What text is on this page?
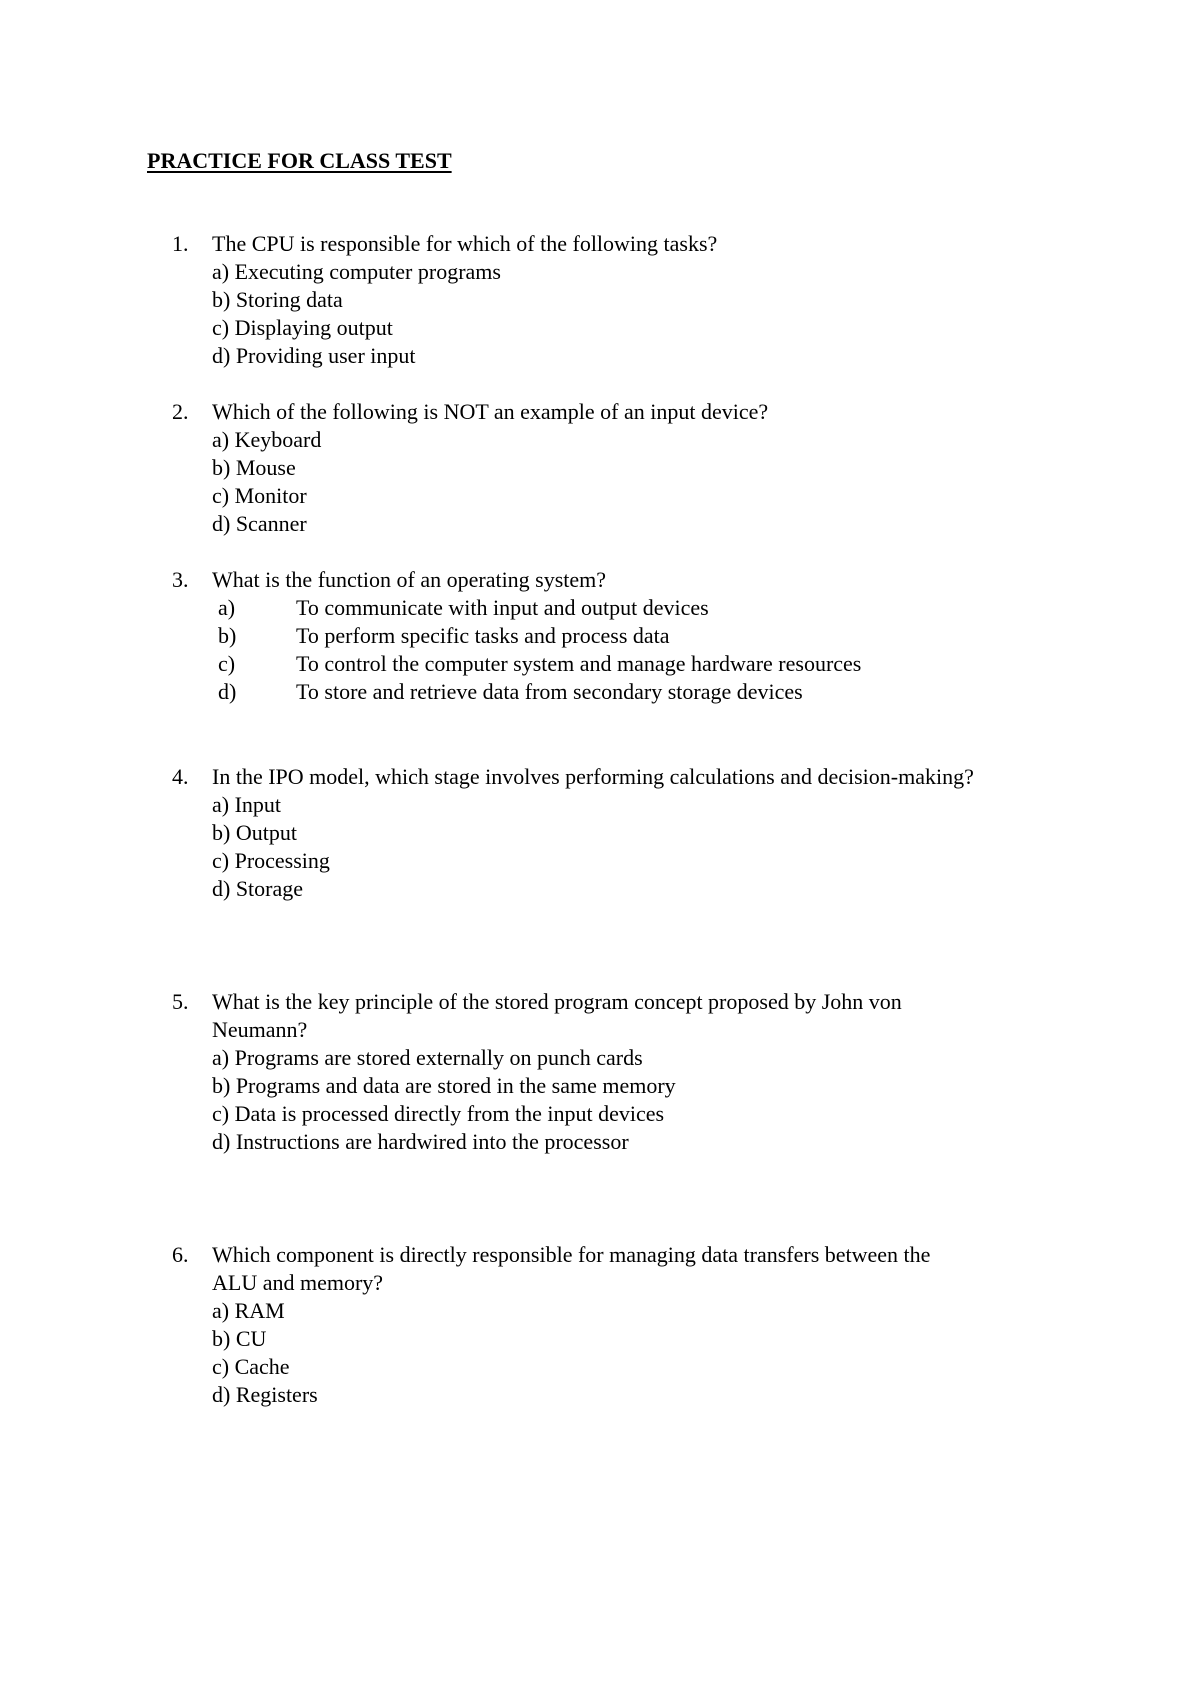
PRACTICE FOR CLASS TEST
1.	The CPU is responsible for which of the following tasks?
a) Executing computer programs
b) Storing data
c) Displaying output
d) Providing user input
2.	Which of the following is NOT an example of an input device?
a) Keyboard
b) Mouse
c) Monitor
d) Scanner
3.	What is the function of an operating system?
a)	To communicate with input and output devices
b)	To perform specific tasks and process data
c)	To control the computer system and manage hardware resources
d)	To store and retrieve data from secondary storage devices
4.	In the IPO model, which stage involves performing calculations and decision-making?
a) Input
b) Output
c) Processing
d) Storage
5.	What is the key principle of the stored program concept proposed by John von
Neumann?
a) Programs are stored externally on punch cards
b) Programs and data are stored in the same memory
c) Data is processed directly from the input devices
d) Instructions are hardwired into the processor
6.	Which component is directly responsible for managing data transfers between the
ALU and memory?
a) RAM
b) CU
c) Cache
d) Registers
